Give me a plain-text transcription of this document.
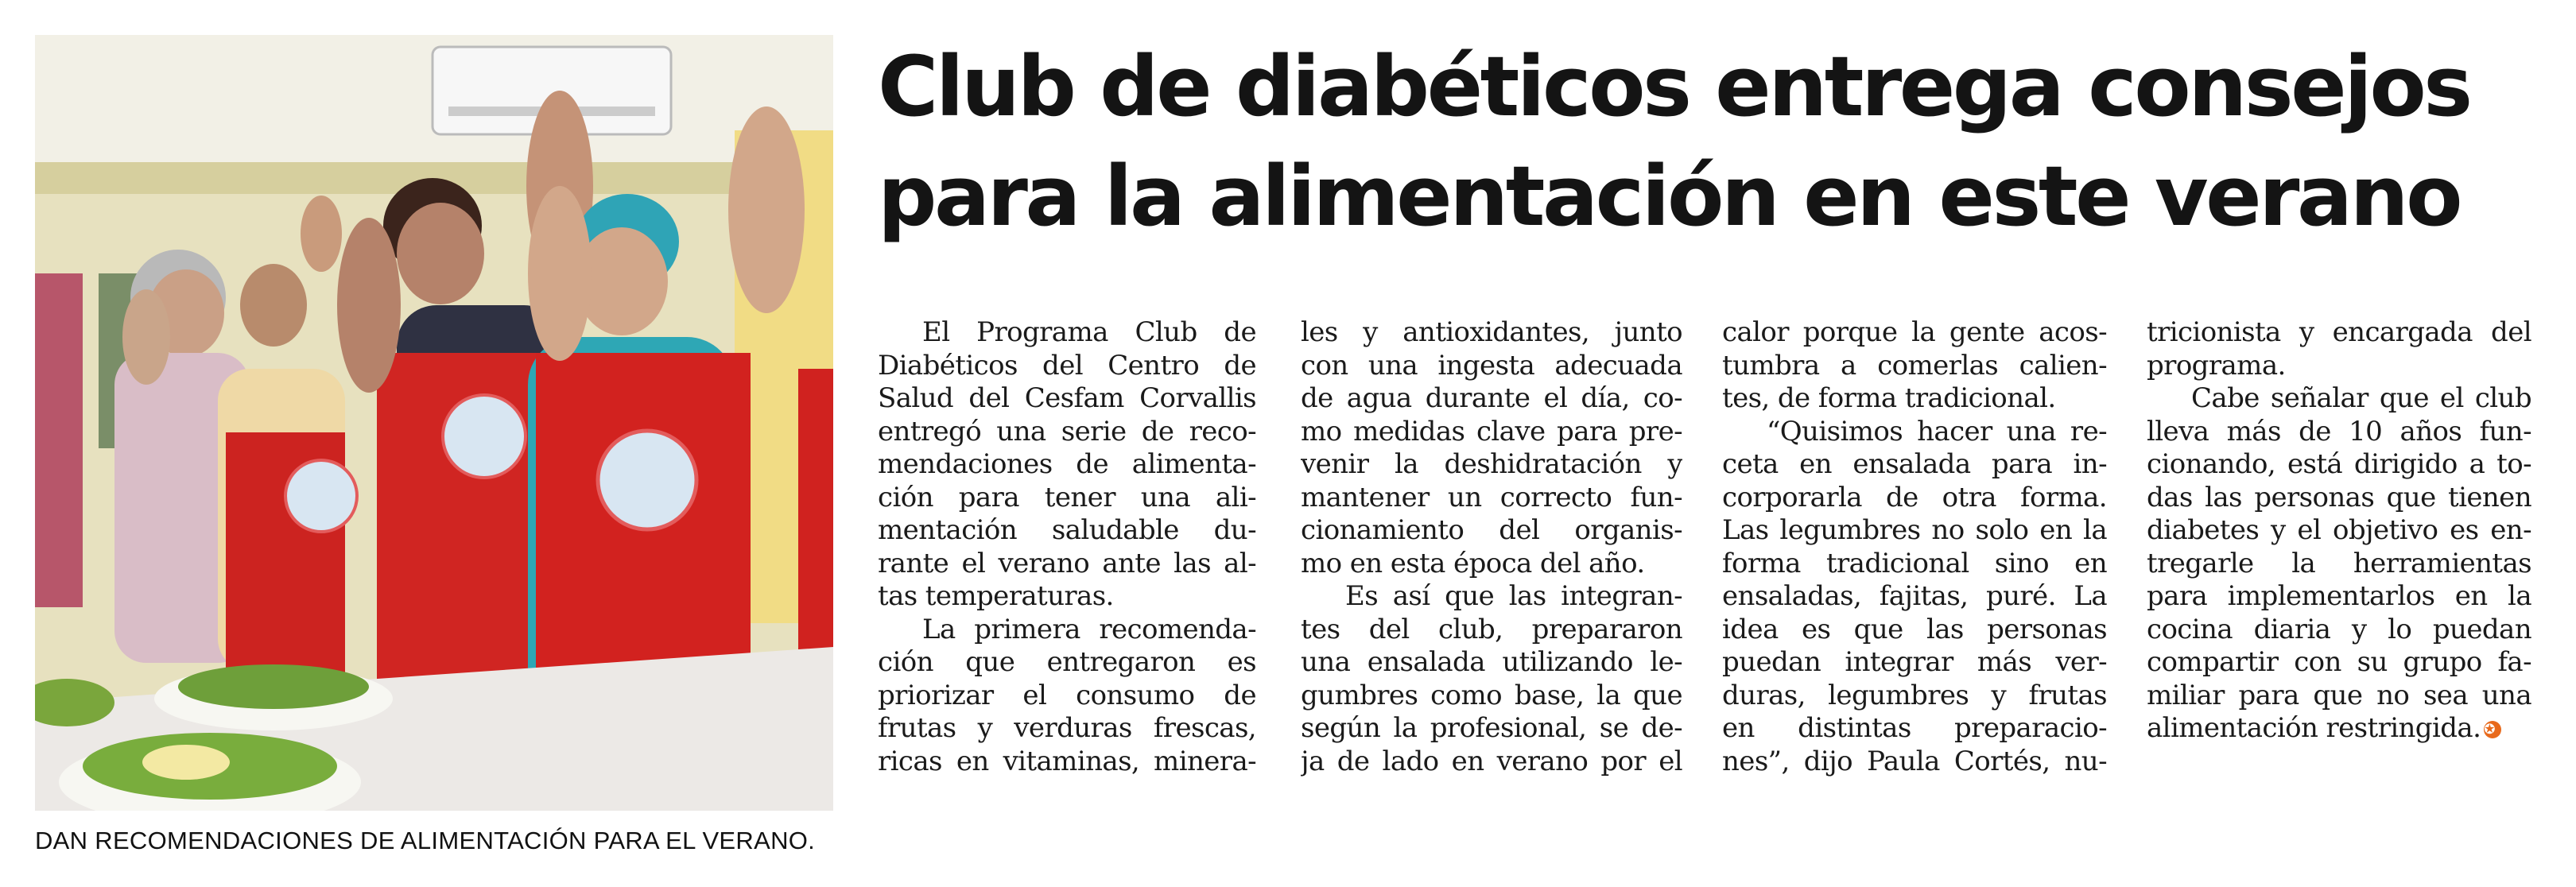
DAN RECOMENDACIONES DE ALIMENTACIÓN PARA EL VERANO.
Club de diabéticos entrega consejos
para la alimentación en este verano

El Programa Club de

Diabéticos del Centro de

Salud del Cesfam Corvallis

entregó una serie de reco-

mendaciones de alimenta-

ción para tener una ali-

mentación saludable du-

rante el verano ante las al-

tas temperaturas.

La primera recomenda-

ción que entregaron es

priorizar el consumo de

frutas y verduras frescas,

ricas en vitaminas, minera-

les y antioxidantes, junto

con una ingesta adecuada

de agua durante el día, co-

mo medidas clave para pre-

venir la deshidratación y

mantener un correcto fun-

cionamiento del organis-

mo en esta época del año.

Es así que las integran-

tes del club, prepararon

una ensalada utilizando le-

gumbres como base, la que

según la profesional, se de-

ja de lado en verano por el

calor porque la gente acos-

tumbra a comerlas calien-

tes, de forma tradicional.

“Quisimos hacer una re-

ceta en ensalada para in-

corporarla de otra forma.

Las legumbres no solo en la

forma tradicional sino en

ensaladas, fajitas, puré. La

idea es que las personas

puedan integrar más ver-

duras, legumbres y frutas

en distintas preparacio-

nes”, dijo Paula Cortés, nu-

tricionista y encargada del

programa.

Cabe señalar que el club

lleva más de 10 años fun-

cionando, está dirigido a to-

das las personas que tienen

diabetes y el objetivo es en-

tregarle la herramientas

para implementarlos en la

cocina diaria y lo puedan

compartir con su grupo fa-

miliar para que no sea una

alimentación restringida. ✪
